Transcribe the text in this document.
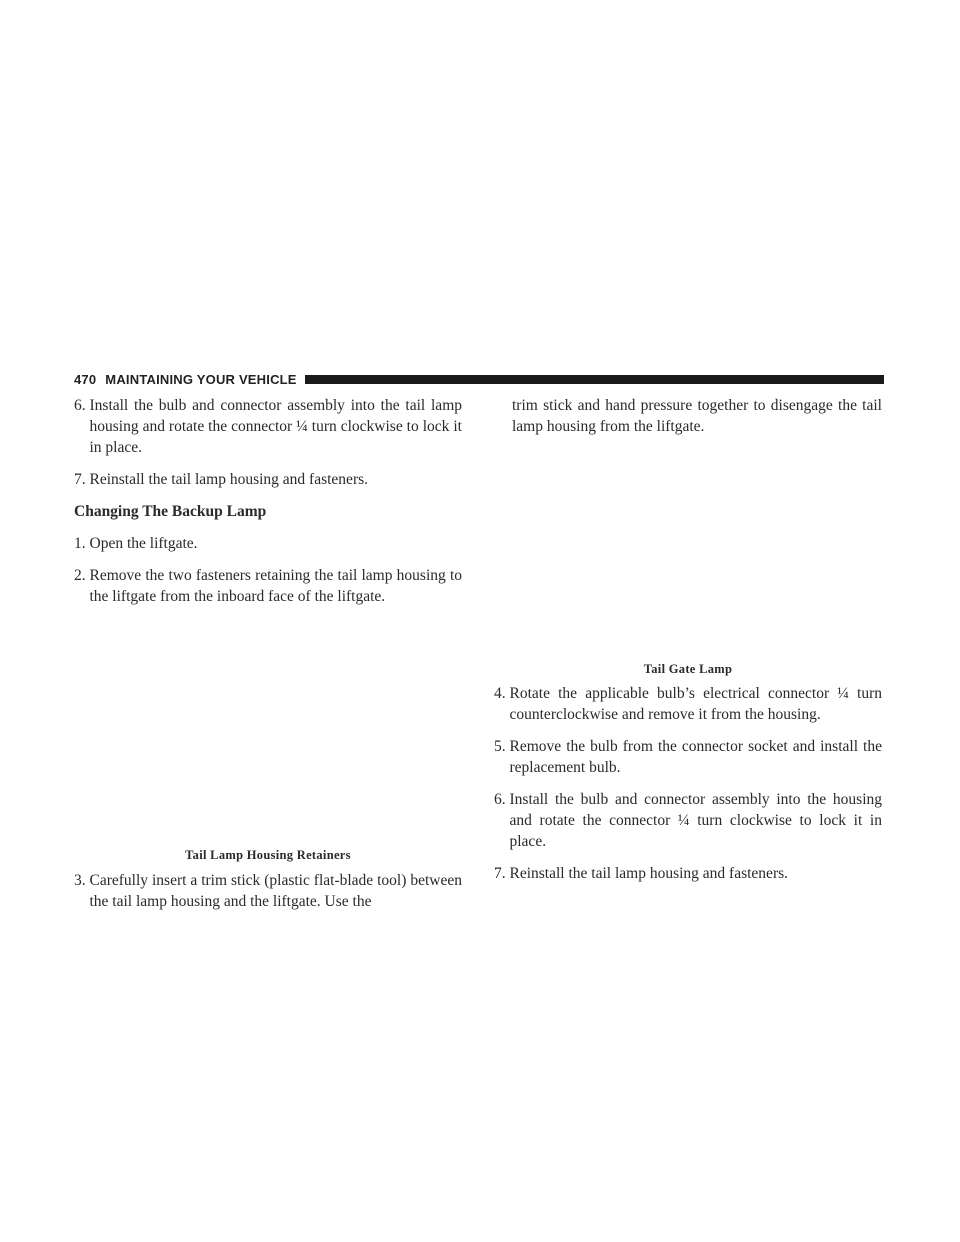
470 MAINTAINING YOUR VEHICLE
6.
Install the bulb and connector assembly into the tail lamp housing and rotate the connector ¼ turn clockwise to lock it in place.
7.
Reinstall the tail lamp housing and fasteners.

Changing The Backup Lamp

1.
Open the liftgate.
2.
Remove the two fasteners retaining the tail lamp housing to the liftgate from the inboard face of the liftgate.
Tail Lamp Housing Retainers
3.
Carefully insert a trim stick (plastic flat-blade tool) between the tail lamp housing and the liftgate. Use the

trim stick and hand pressure together to disengage the tail lamp housing from the liftgate.

Tail Gate Lamp
4.
Rotate the applicable bulb’s electrical connector ¼ turn counterclockwise and remove it from the housing.
5.
Remove the bulb from the connector socket and install the replacement bulb.
6.
Install the bulb and connector assembly into the housing and rotate the connector ¼ turn clockwise to lock it in place.
7.
Reinstall the tail lamp housing and fasteners.
